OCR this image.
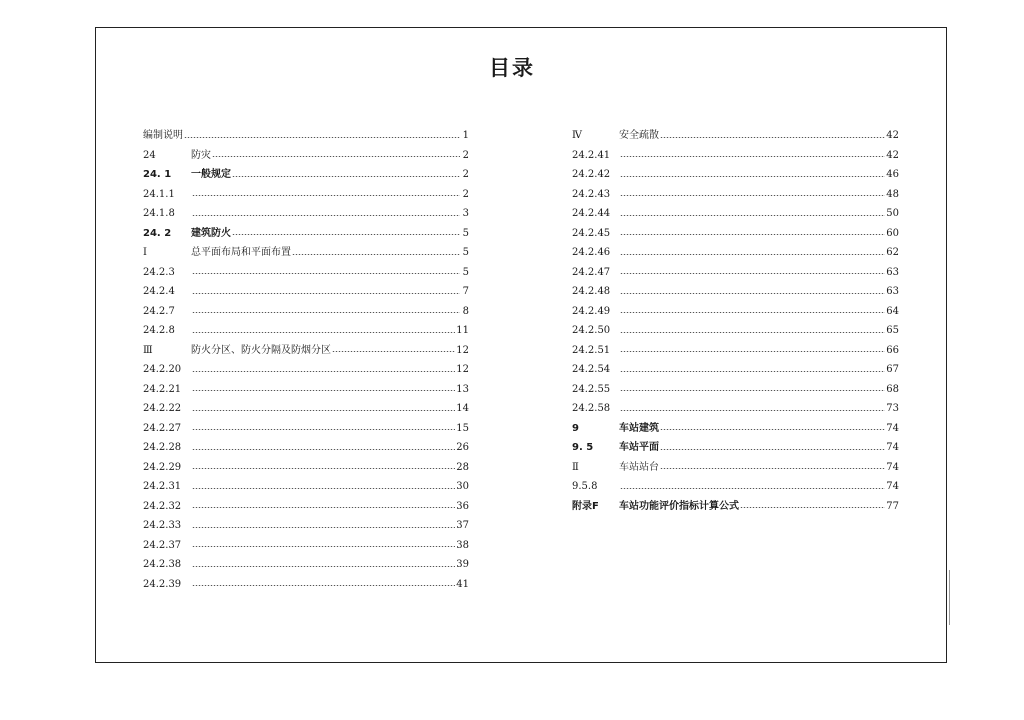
目录
编制说明	1
24	防灾	2
24. 1	一般规定	2
24.1.1	2
24.1.8	3
24. 2	建筑防火	5
Ⅰ	总平面布局和平面布置	5
24.2.3	5
24.2.4	7
24.2.7	8
24.2.8	11
Ⅲ	防火分区、防火分隔及防烟分区	12
24.2.20	12
24.2.21	13
24.2.22	14
24.2.27	15
24.2.28	26
24.2.29	28
24.2.31	30
24.2.32	36
24.2.33	37
24.2.37	38
24.2.38	39
24.2.39	41
Ⅳ	安全疏散	42
24.2.41	42
24.2.42	46
24.2.43	48
24.2.44	50
24.2.45	60
24.2.46	62
24.2.47	63
24.2.48	63
24.2.49	64
24.2.50	65
24.2.51	66
24.2.54	67
24.2.55	68
24.2.58	73
9	车站建筑	74
9. 5	车站平面	74
Ⅱ	车站站台	74
9.5.8	74
附录F	车站功能评价指标计算公式	77
